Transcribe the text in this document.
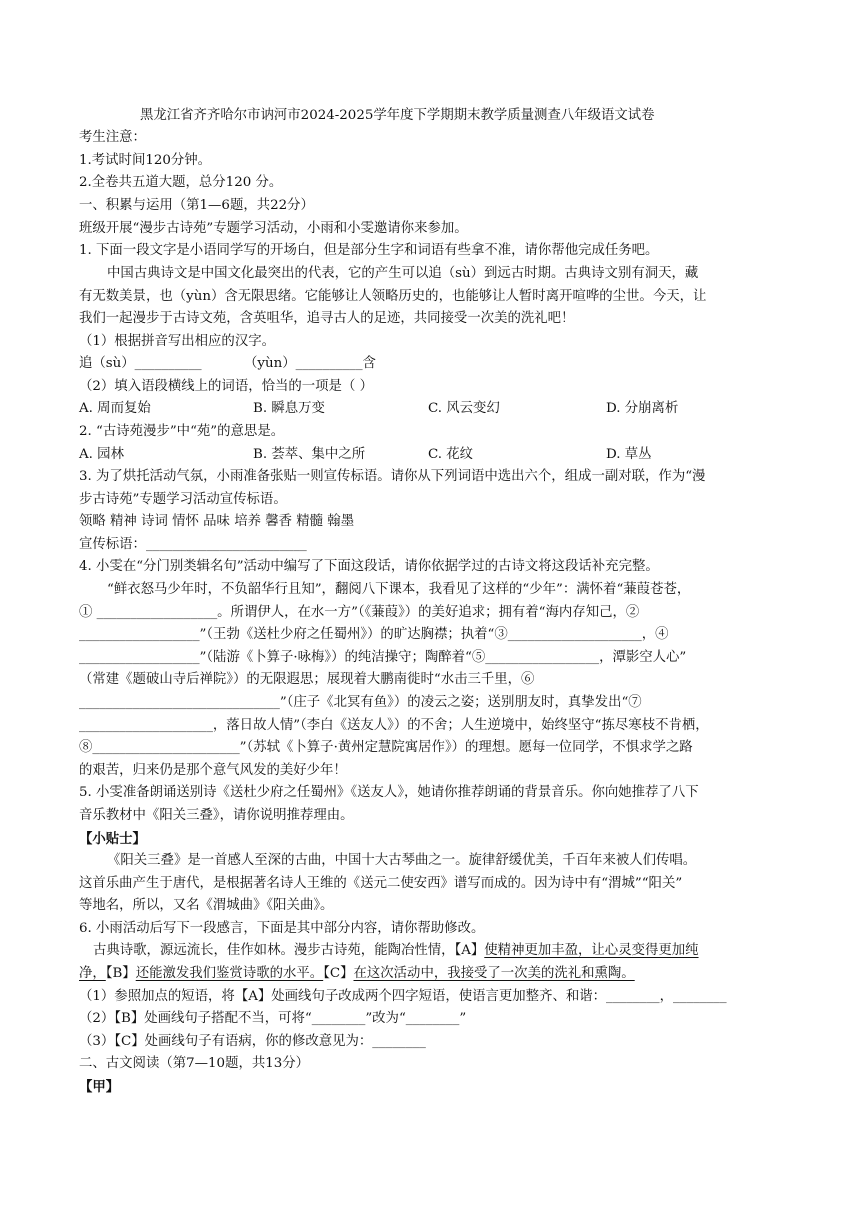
黑龙江省齐齐哈尔市讷河市2024-2025学年度下学期期末教学质量测查八年级语文试卷
考生注意：
1.考试时间120分钟。
2.全卷共五道大题，总分120 分。
一、积累与运用（第1—6题，共22分）
班级开展“漫步古诗苑”专题学习活动，小雨和小雯邀请你来参加。
1. 下面一段文字是小语同学写的开场白，但是部分生字和词语有些拿不准，请你帮他完成任务吧。
中国古典诗文是中国文化最突出的代表，它的产生可以追（sù）到远古时期。古典诗文别有洞天，藏
有无数美景，也（yùn）含无限思绪。它能够让人领略历史的，也能够让人暂时离开喧哗的尘世。今天，让
我们一起漫步于古诗文苑，含英咀华，追寻古人的足迹，共同接受一次美的洗礼吧！
（1）根据拼音写出相应的汉字。
追（sù）__________	（yùn）__________含
（2）填入语段横线上的词语，恰当的一项是（ ）
A. 周而复始	B. 瞬息万变	C. 风云变幻	D. 分崩离析
2. “古诗苑漫步”中“苑”的意思是。
A. 园林	B. 荟萃、集中之所	C. 花纹	D. 草丛
3. 为了烘托活动气氛，小雨准备张贴一则宣传标语。请你从下列词语中选出六个，组成一副对联，作为“漫
步古诗苑”专题学习活动宣传标语。
领略 精神 诗词 情怀 品味 培养 馨香 精髓 翰墨
宣传标语：________________________
4. 小雯在“分门别类辑名句”活动中编写了下面这段话，请你依据学过的古诗文将这段话补充完整。
“鲜衣怒马少年时，不负韶华行且知”，翻阅八下课本，我看见了这样的“少年”：满怀着“蒹葭苍苍，
① __________________。所谓伊人，在水一方”（《蒹葭》）的美好追求；拥有着“海内存知己，②
__________________”（王勃《送杜少府之任蜀州》）的旷达胸襟；执着“③____________________，④
__________________”（陆游《卜算子·咏梅》）的纯洁操守；陶醉着“⑤_________________，潭影空人心”
（常建《题破山寺后禅院》）的无限遐思；展现着大鹏南徙时“水击三千里，⑥
______________________________”（庄子《北冥有鱼》）的凌云之姿；送别朋友时，真挚发出“⑦
____________________，落日故人情”（李白《送友人》）的不舍；人生逆境中，始终坚守“拣尽寒枝不肯栖，
⑧______________________”（苏轼《卜算子·黄州定慧院寓居作》）的理想。愿每一位同学，不惧求学之路
的艰苦，归来仍是那个意气风发的美好少年！
5. 小雯准备朗诵送别诗《送杜少府之任蜀州》《送友人》，她请你推荐朗诵的背景音乐。你向她推荐了八下
音乐教材中《阳关三叠》，请你说明推荐理由。
【小贴士】
《阳关三叠》是一首感人至深的古曲，中国十大古琴曲之一。旋律舒缓优美，千百年来被人们传唱。
这首乐曲产生于唐代，是根据著名诗人王维的《送元二使安西》谱写而成的。因为诗中有“渭城”“阳关”
等地名，所以，又名《渭城曲》《阳关曲》。
6. 小雨活动后写下一段感言，下面是其中部分内容，请你帮助修改。
古典诗歌，源远流长，佳作如林。漫步古诗苑，能陶冶性情，【A】使精神更加丰盈，让心灵变得更加纯
净，【B】还能激发我们鉴赏诗歌的水平。【C】在这次活动中，我接受了一次美的洗礼和熏陶。
（1）参照加点的短语，将【A】处画线句子改成两个四字短语，使语言更加整齐、和谐：________，________
（2）【B】处画线句子搭配不当，可将“________”改为“________”
（3）【C】处画线句子有语病，你的修改意见为：________
二、古文阅读（第7—10题，共13分）
【甲】
